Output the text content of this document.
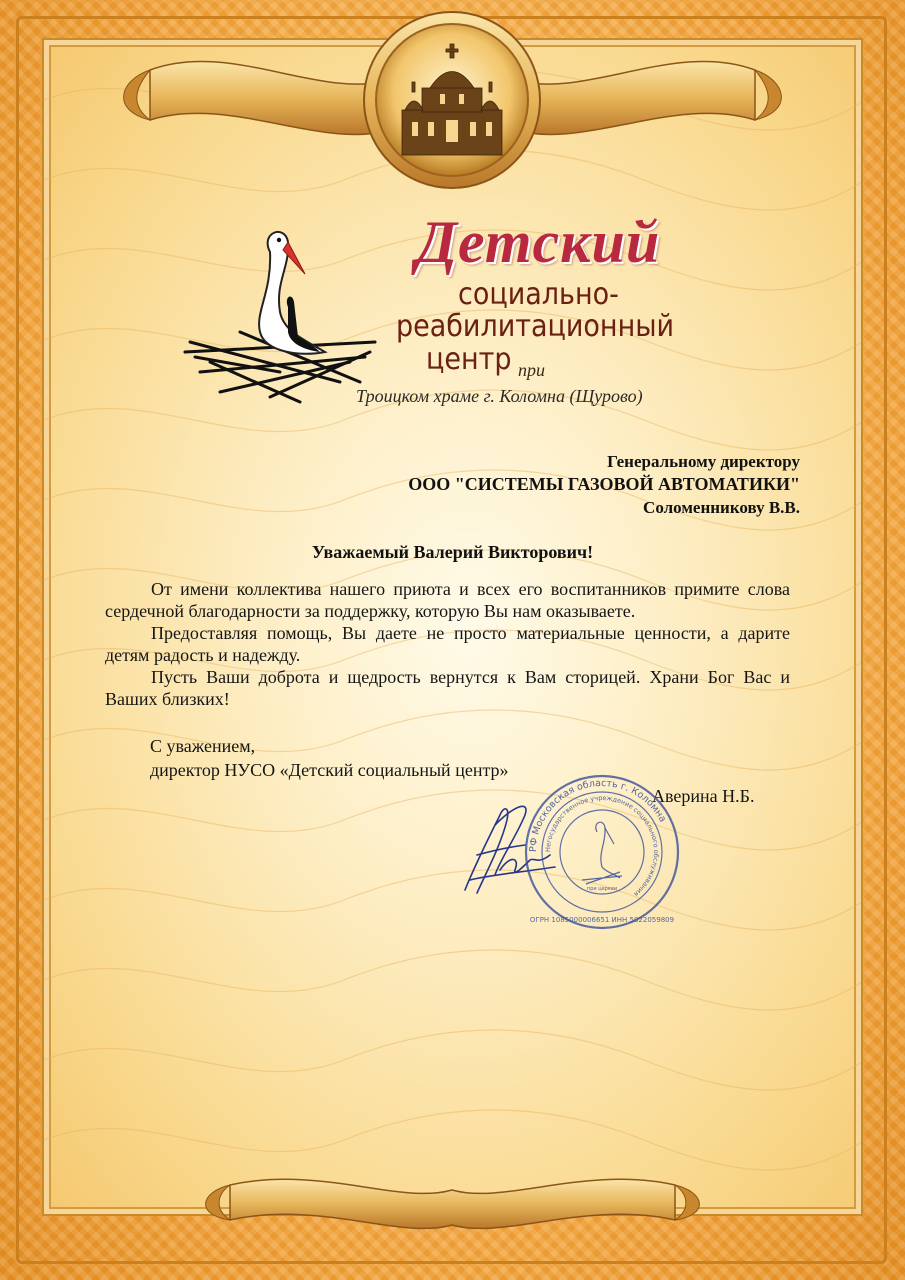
Детский

социально-

реабилитационный

центр при
Троицком храме г. Коломна (Щурово)
Генеральному директору
ООО "СИСТЕМЫ ГАЗОВОЙ АВТОМАТИКИ"
Соломенникову В.В.
Уважаемый Валерий Викторович!

От имени коллектива нашего приюта и всех его воспитанников примите слова сердечной благодарности за поддержку, которую Вы нам оказываете.

Предоставляя помощь, Вы даете не просто материальные ценности, а дарите детям радость и надежду.

Пусть Ваши доброта и щедрость вернутся к Вам сторицей. Храни Бог Вас и Ваших близких!

С уважением,
директор НУСО «Детский социальный центр»
Аверина Н.Б.
РФ Московская область г. Коломна
Негосударственное учреждение социального обслуживания
ОГРН 1085000006651 ИНН 5022059809
при церкви
